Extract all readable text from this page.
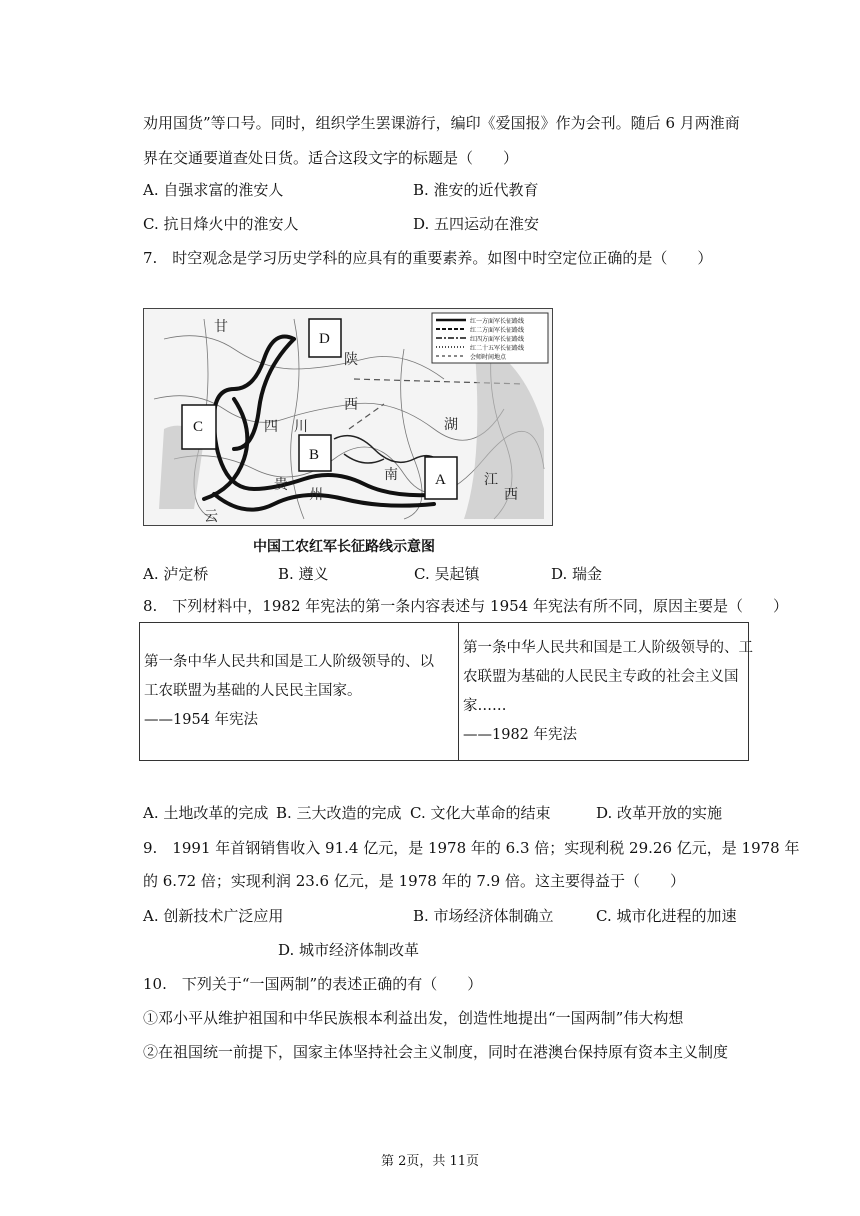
劝用国货”等口号。同时，组织学生罢课游行，编印《爱国报》作为会刊。随后 6 月两淮商
界在交通要道查处日货。适合这段文字的标题是（　　）
A. 自强求富的淮安人	B. 淮安的近代教育
C. 抗日烽火中的淮安人	D. 五四运动在淮安
7.　时空观念是学习历史学科的应具有的重要素养。如图中时空定位正确的是（　　）
甘
陕
西
四 川
贵
州
南
湖
云
江
西
红一方面军长征路线
红二方面军长征路线
红四方面军长征路线
红二十五军长征路线
会师时间地点
D
C
B
A
中国工农红军长征路线示意图
A. 泸定桥	B. 遵义	C. 吴起镇	D. 瑞金
8.　下列材料中，1982 年宪法的第一条内容表述与 1954 年宪法有所不同，原因主要是（　　）
第一条中华人民共和国是工人阶级领导的、以
工农联盟为基础的人民民主国家。
——1954 年宪法

第一条中华人民共和国是工人阶级领导的、工
农联盟为基础的人民民主专政的社会主义国
家……
——1982 年宪法
A. 土地改革的完成 B. 三大改造的完成 C. 文化大革命的结束	D. 改革开放的实施
9.　1991 年首钢销售收入 91.4 亿元，是 1978 年的 6.3 倍；实现利税 29.26 亿元，是 1978 年
的 6.72 倍；实现利润 23.6 亿元，是 1978 年的 7.9 倍。这主要得益于（　　）
A. 创新技术广泛应用	B. 市场经济体制确立	C. 城市化进程的加速
D. 城市经济体制改革
10.　下列关于“一国两制”的表述正确的有（　　）
①邓小平从维护祖国和中华民族根本利益出发，创造性地提出“一国两制”伟大构想
②在祖国统一前提下，国家主体坚持社会主义制度，同时在港澳台保持原有资本主义制度
第 2页，共 11页
